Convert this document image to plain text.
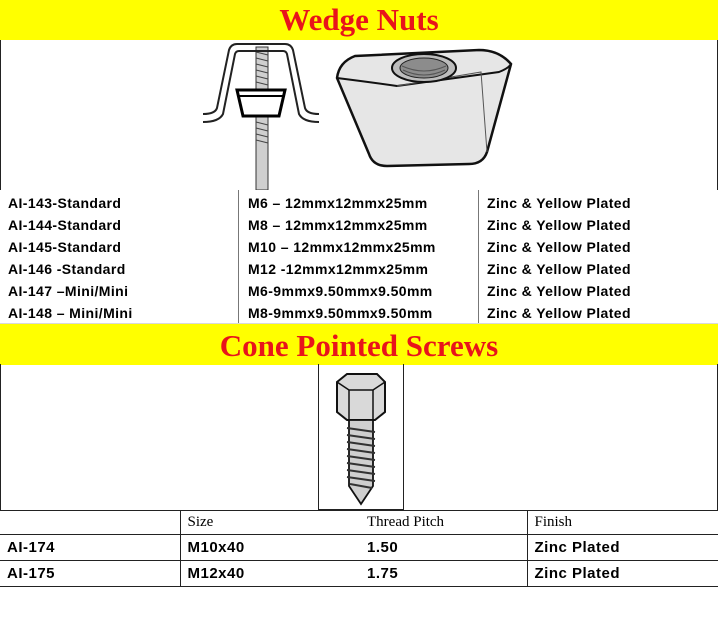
Wedge Nuts
AI-143-Standard	M6 – 12mmx12mmx25mm	Zinc & Yellow Plated
AI-144-Standard	M8 – 12mmx12mmx25mm	Zinc & Yellow Plated
AI-145-Standard	M10 – 12mmx12mmx25mm	Zinc & Yellow Plated
AI-146 -Standard	M12 -12mmx12mmx25mm	Zinc & Yellow Plated
AI-147 –Mini/Mini	M6-9mmx9.50mmx9.50mm	Zinc & Yellow Plated
AI-148 – Mini/Mini	M8-9mmx9.50mmx9.50mm	Zinc & Yellow Plated
Cone Pointed Screws
	Size	Thread Pitch	Finish
AI-174	M10x40	1.50	Zinc Plated
AI-175	M12x40	1.75	Zinc Plated
